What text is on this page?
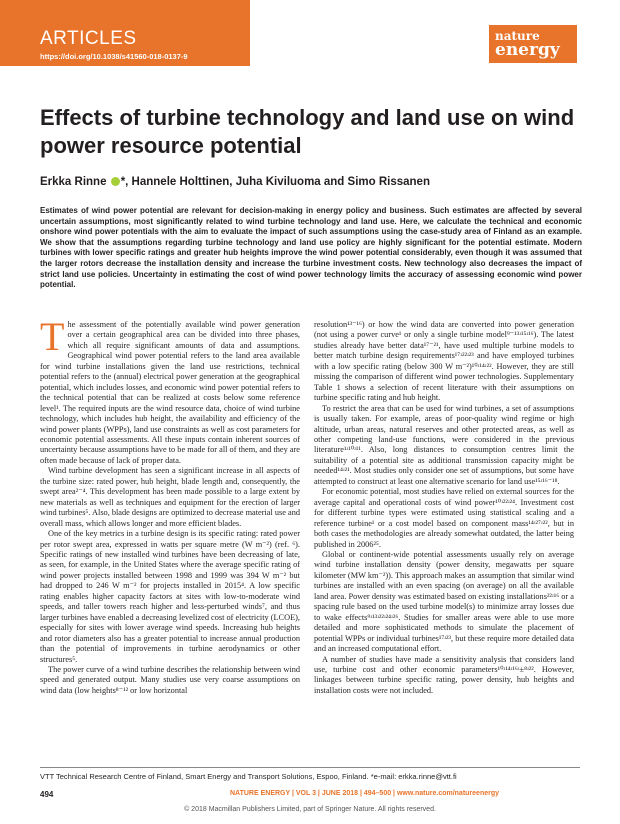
ARTICLES
https://doi.org/10.1038/s41560-018-0137-9
nature
energy
Effects of turbine technology and land use on wind power resource potential
Erkka Rinne *, Hannele Holttinen, Juha Kiviluoma and Simo Rissanen

Estimates of wind power potential are relevant for decision-making in energy policy and business. Such estimates are affected by several uncertain assumptions, most significantly related to wind turbine technology and land use. Here, we calculate the technical and economic onshore wind power potentials with the aim to evaluate the impact of such assumptions using the case-study area of Finland as an example. We show that the assumptions regarding turbine technology and land use policy are highly significant for the potential estimate. Modern turbines with lower specific ratings and greater hub heights improve the wind power potential considerably, even though it was assumed that the larger rotors decrease the installation density and increase the turbine investment costs. New technology also decreases the impact of strict land use policies. Uncertainty in estimating the cost of wind power technology limits the accuracy of assessing economic wind power potential.

The assessment of the potentially available wind power generation over a certain geographical area can be divided into three phases, which all require significant amounts of data and assumptions. Geographical wind power potential refers to the land area available for wind turbine installations given the land use restrictions, technical potential refers to the (annual) electrical power generation at the geographical potential, which includes losses, and economic wind power potential refers to the technical potential that can be realized at costs below some reference level¹. The required inputs are the wind resource data, choice of wind turbine technology, which includes hub height, the availability and efficiency of the wind power plants (WPPs), land use constraints as well as cost parameters for economic potential assessments. All these inputs contain inherent sources of uncertainty because assumptions have to be made for all of them, and they are often made because of lack of proper data.

Wind turbine development has seen a significant increase in all aspects of the turbine size: rated power, hub height, blade length and, consequently, the swept area²⁻⁴. This development has been made possible to a large extent by new materials as well as techniques and equipment for the erection of larger wind turbines⁵. Also, blade designs are optimized to decrease material use and overall mass, which allows longer and more efficient blades.

One of the key metrics in a turbine design is its specific rating: rated power per rotor swept area, expressed in watts per square metre (W m⁻²) (ref. ⁶). Specific ratings of new installed wind turbines have been decreasing of late, as seen, for example, in the United States where the average specific rating of wind power projects installed between 1998 and 1999 was 394 W m⁻² but had dropped to 246 W m⁻² for projects installed in 2015⁴. A low specific rating enables higher capacity factors at sites with low-to-moderate wind speeds, and taller towers reach higher and less-perturbed winds⁷, and thus larger turbines have enabled a decreasing levelized cost of electricity (LCOE), especially for sites with lower average wind speeds. Increasing hub heights and rotor diameters also has a greater potential to increase annual production than the potential of improvements in turbine aerodynamics or other structures⁵.

The power curve of a wind turbine describes the relationship between wind speed and generated output. Many studies use very coarse assumptions on wind data (low heights⁸⁻¹² or low horizontal

resolution¹³⁻¹⁶) or how the wind data are converted into power generation (not using a power curve¹ or only a single turbine model⁹⁻¹³ʴ¹⁵ʴ¹⁶). The latest studies already have better data¹⁷⁻²¹, have used multiple turbine models to better match turbine design requirements¹⁷ʴ²²ʴ²³ and have employed turbines with a low specific rating (below 300 W m⁻²)¹⁰ʴ¹⁴ʴ²². However, they are still missing the comparison of different wind power technologies. Supplementary Table 1 shows a selection of recent literature with their assumptions on turbine specific rating and hub height.

To restrict the area that can be used for wind turbines, a set of assumptions is usually taken. For example, areas of poor-quality wind regime or high altitude, urban areas, natural reserves and other protected areas, as well as other competing land-use functions, were considered in the previous literature¹ʴ¹⁰ʴ¹¹. Also, long distances to consumption centres limit the suitability of a potential site as additional transmission capacity might be needed¹⁴ʴ²¹. Most studies only consider one set of assumptions, but some have attempted to construct at least one alternative scenario for land use¹⁵ʴ¹⁶⁻¹⁸.

For economic potential, most studies have relied on external sources for the average capital and operational costs of wind power¹⁰ʴ²²ʴ²⁴. Investment cost for different turbine types were estimated using statistical scaling and a reference turbine¹ or a cost model based on component mass¹⁴ʴ²⁷ʴ²², but in both cases the methodologies are already somewhat outdated, the latter being published in 2006²⁵.

Global or continent-wide potential assessments usually rely on average wind turbine installation density (power density, megawatts per square kilometer (MW km⁻²)). This approach makes an assumption that similar wind turbines are installed with an even spacing (on average) on all the available land area. Power density was estimated based on existing installations²²ʴ¹⁶ or a spacing rule based on the used turbine model(s) to minimize array losses due to wake effects⁹ʴ¹³ʴ²²ʴ²⁴ʴ²⁶. Studies for smaller areas were able to use more detailed and more sophisticated methods to simulate the placement of potential WPPs or individual turbines¹⁷ʴ²³, but these require more detailed data and an increased computational effort.

A number of studies have made a sensitivity analysis that considers land use, turbine cost and other economic parameters¹⁰ʴ¹⁴ʴ¹⁶ʴ±⁸ʴ²². However, linkages between turbine specific rating, power density, hub heights and installation costs were not included.

VTT Technical Research Centre of Finland, Smart Energy and Transport Solutions, Espoo, Finland. *e-mail: erkka.rinne@vtt.fi
494	NATURE ENERGY | VOL 3 | JUNE 2018 | 494–500 | www.nature.com/natureenergy
© 2018 Macmillan Publishers Limited, part of Springer Nature. All rights reserved.
